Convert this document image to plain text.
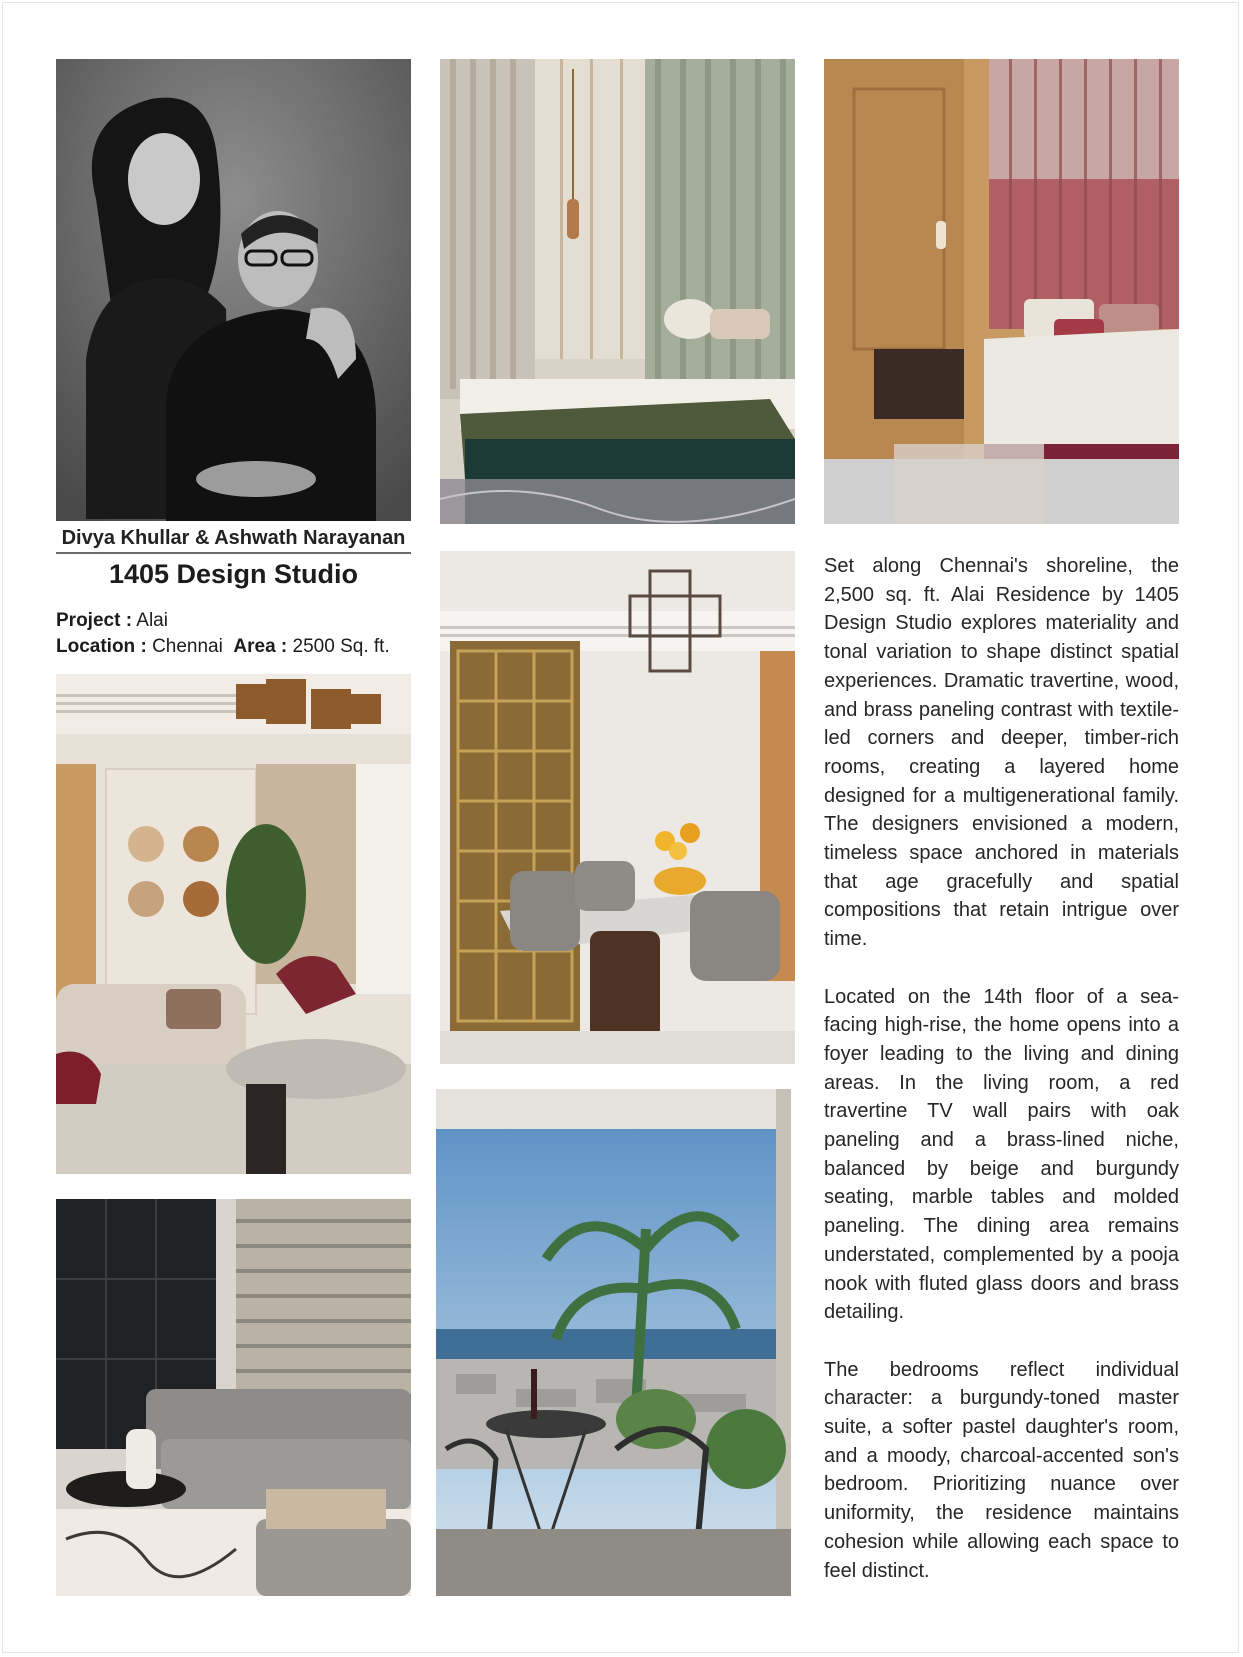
Divya Khullar & Ashwath Narayanan
1405 Design Studio
Project : Alai
Location : Chennai Area : 2500 Sq. ft.

Set along Chennai's shoreline, the 2,500 sq. ft. Alai Residence by 1405 Design Studio explores materiality and tonal variation to shape distinct spatial experiences. Dramatic travertine, wood, and brass paneling contrast with textile-led corners and deeper, timber-rich rooms, creating a layered home designed for a multigenerational family. The designers envisioned a modern, timeless space anchored in materials that age gracefully and spatial compositions that retain intrigue over time.

Located on the 14th floor of a sea-facing high-rise, the home opens into a foyer leading to the living and dining areas. In the living room, a red travertine TV wall pairs with oak paneling and a brass-lined niche, balanced by beige and burgundy seating, marble tables and molded paneling. The dining area remains understated, complemented by a pooja nook with fluted glass doors and brass detailing.

The bedrooms reflect individual character: a burgundy-toned master suite, a softer pastel daughter's room, and a moody, charcoal-accented son's bedroom. Prioritizing nuance over uniformity, the residence maintains cohesion while allowing each space to feel distinct.
